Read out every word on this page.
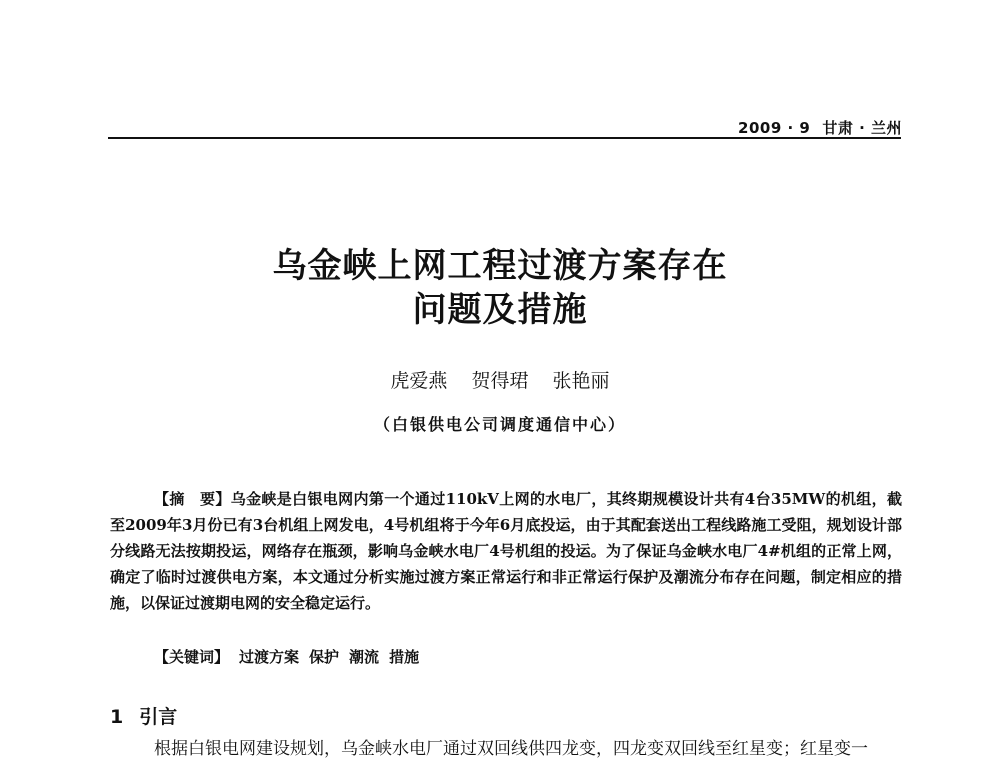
2009 · 9 甘肃 · 兰州
乌金峡上网工程过渡方案存在
问题及措施
虎爱燕 贺得珺 张艳丽
（白银供电公司调度通信中心）
【摘　要】乌金峡是白银电网内第一个通过110kV上网的水电厂，其终期规模设计共有4台35MW的机组，截至2009年3月份已有3台机组上网发电，4号机组将于今年6月底投运，由于其配套送出工程线路施工受阻，规划设计部分线路无法按期投运，网络存在瓶颈，影响乌金峡水电厂4号机组的投运。为了保证乌金峡水电厂4#机组的正常上网，确定了临时过渡供电方案，本文通过分析实施过渡方案正常运行和非正常运行保护及潮流分布存在问题，制定相应的措施，以保证过渡期电网的安全稳定运行。
【关键词】 过渡方案 保护 潮流 措施
1 引言
根据白银电网建设规划，乌金峡水电厂通过双回线供四龙变，四龙变双回线至红星变；红星变一
